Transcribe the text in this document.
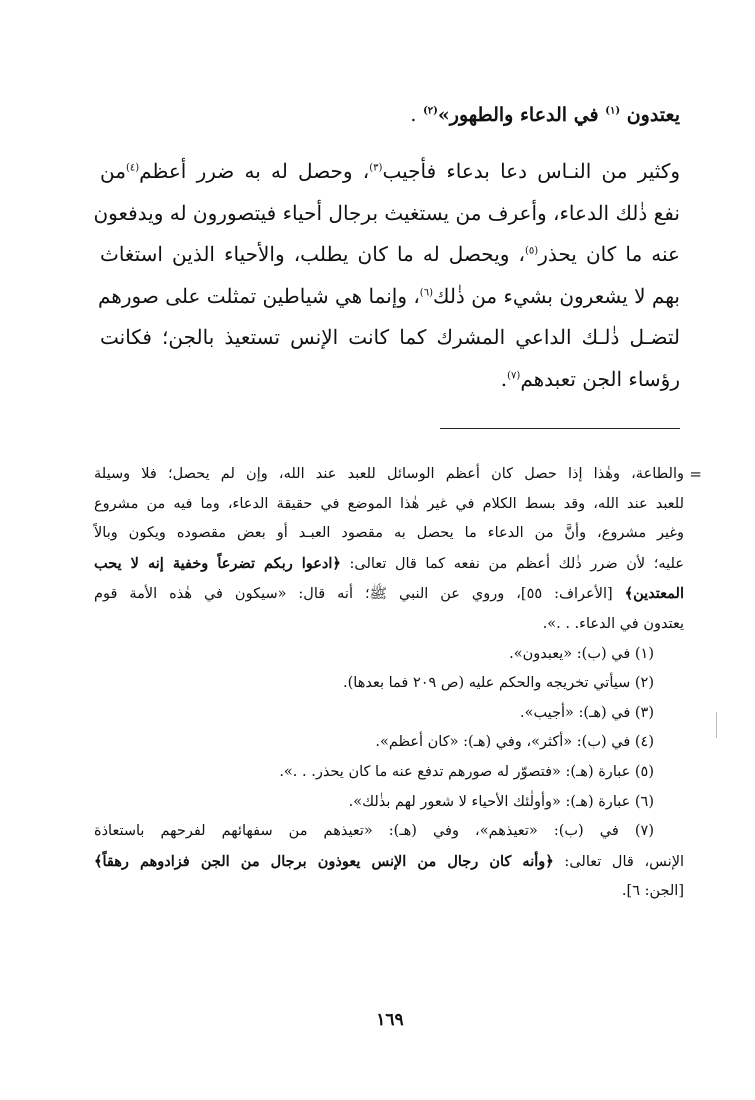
يعتدون $^{(١)}$ في الدعاء والطهور»$^{(٢)}$ .
وكثير من النـاس دعا بدعاء فأجيب$^{(٣)}$، وحصل له به ضرر أعظم$^{(٤)}$من
نفع ذٰلك الدعاء، وأعرف من يستغيث برجال أحياء فيتصورون له ويدفعون
عنه ما كان يحذر$^{(٥)}$، ويحصل له ما كان يطلب، والأحياء الذين استغاث
بهم لا يشعرون بشيء من ذٰلك$^{(٦)}$، وإنما هي شياطين تمثلت على صورهم
لتضـل ذٰلـك الداعي المشرك كما كانت الإنس تستعيذ بالجن؛ فكانت
رؤساء الجن تعبدهم$^{(٧)}$.
=
والطاعة، وهٰذا إذا حصل كان أعظم الوسائل للعبد عند الله، وإن لم يحصل؛ فلا وسيلة
للعبد عند الله، وقد بسط الكلام في غير هٰذا الموضع في حقيقة الدعاء، وما فيه من مشروع
وغير مشروع، وأنَّ من الدعاء ما يحصل به مقصود العبـد أو بعض مقصوده ويكون وبالاً
عليه؛ لأن ضرر ذٰلك أعظم من نفعه كما قال تعالى: ﴿ادعوا ربكم تضرعاً وخفية إنه لا يحب
المعتدين﴾ [الأعراف: ٥٥]، وروي عن النبي ﷺ؛ أنه قال: «سيكون في هٰذه الأمة قوم
يعتدون في الدعاء. . .».
(١) في (ب): «يعبدون».
(٢) سيأتي تخريجه والحكم عليه (ص ٢٠٩ فما بعدها).
(٣) في (هـ): «أجيب».
(٤) في (ب): «أكثر»، وفي (هـ): «كان أعظم».
(٥) عبارة (هـ): «فتصوّر له صورهم تدفع عنه ما كان يحذر. . .».
(٦) عبارة (هـ): «وأولٰئك الأحياء لا شعور لهم بذٰلك».
(٧) في (ب): «تعيذهم»، وفي (هـ): «تعيذهم من سفهائهم لفرحهم باستعاذة
الإنس، قال تعالى: ﴿وأنه كان رجال من الإنس يعوذون برجال من الجن فزادوهم رهقاً﴾
[الجن: ٦].
١٦٩
